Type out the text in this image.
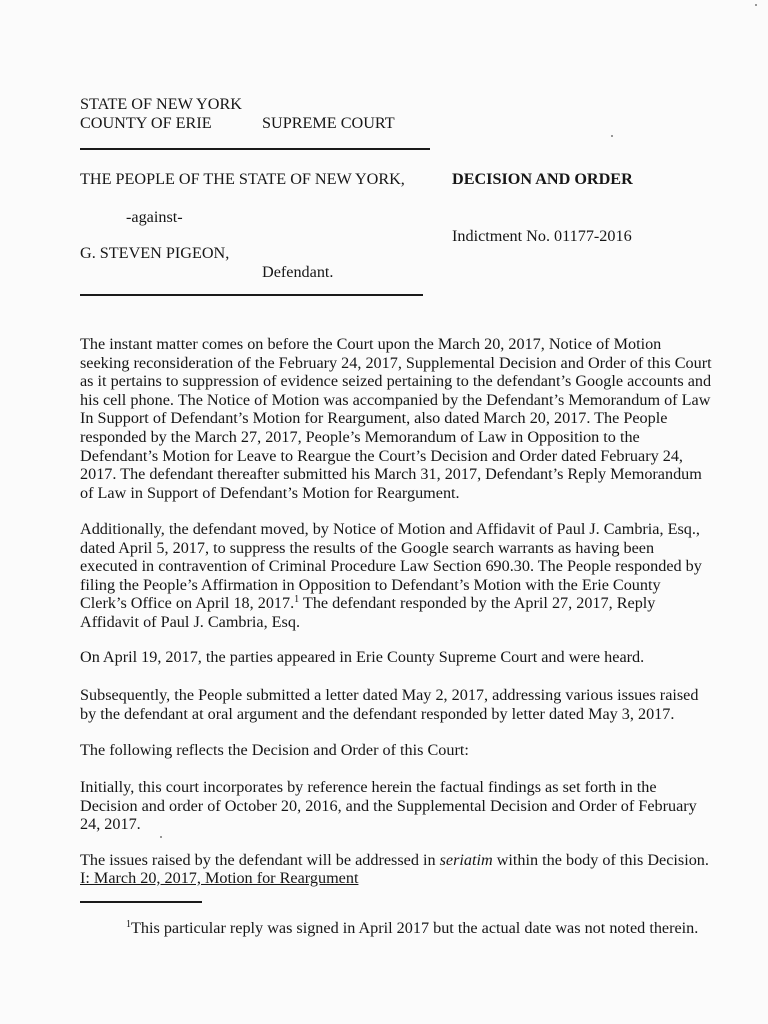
STATE OF NEW YORK
COUNTY OF ERIE	SUPREME COURT
THE PEOPLE OF THE STATE OF NEW YORK,	DECISION AND ORDER
-against-
Indictment No. 01177-2016
G. STEVEN PIGEON,
Defendant.
The instant matter comes on before the Court upon the March 20, 2017, Notice of Motion
seeking reconsideration of the February 24, 2017, Supplemental Decision and Order of this Court
as it pertains to suppression of evidence seized pertaining to the defendant’s Google accounts and
his cell phone. The Notice of Motion was accompanied by the Defendant’s Memorandum of Law
In Support of Defendant’s Motion for Reargument, also dated March 20, 2017. The People
responded by the March 27, 2017, People’s Memorandum of Law in Opposition to the
Defendant’s Motion for Leave to Reargue the Court’s Decision and Order dated February 24,
2017. The defendant thereafter submitted his March 31, 2017, Defendant’s Reply Memorandum
of Law in Support of Defendant’s Motion for Reargument.
Additionally, the defendant moved, by Notice of Motion and Affidavit of Paul J. Cambria, Esq.,
dated April 5, 2017, to suppress the results of the Google search warrants as having been
executed in contravention of Criminal Procedure Law Section 690.30. The People responded by
filing the People’s Affirmation in Opposition to Defendant’s Motion with the Erie County
Clerk’s Office on April 18, 2017.$^1$ The defendant responded by the April 27, 2017, Reply
Affidavit of Paul J. Cambria, Esq.
On April 19, 2017, the parties appeared in Erie County Supreme Court and were heard.
Subsequently, the People submitted a letter dated May 2, 2017, addressing various issues raised
by the defendant at oral argument and the defendant responded by letter dated May 3, 2017.
The following reflects the Decision and Order of this Court:
Initially, this court incorporates by reference herein the factual findings as set forth in the
Decision and order of October 20, 2016, and the Supplemental Decision and Order of February
24, 2017.
The issues raised by the defendant will be addressed in seriatim within the body of this Decision.
I: March 20, 2017, Motion for Reargument
$^1$This particular reply was signed in April 2017 but the actual date was not noted therein.
